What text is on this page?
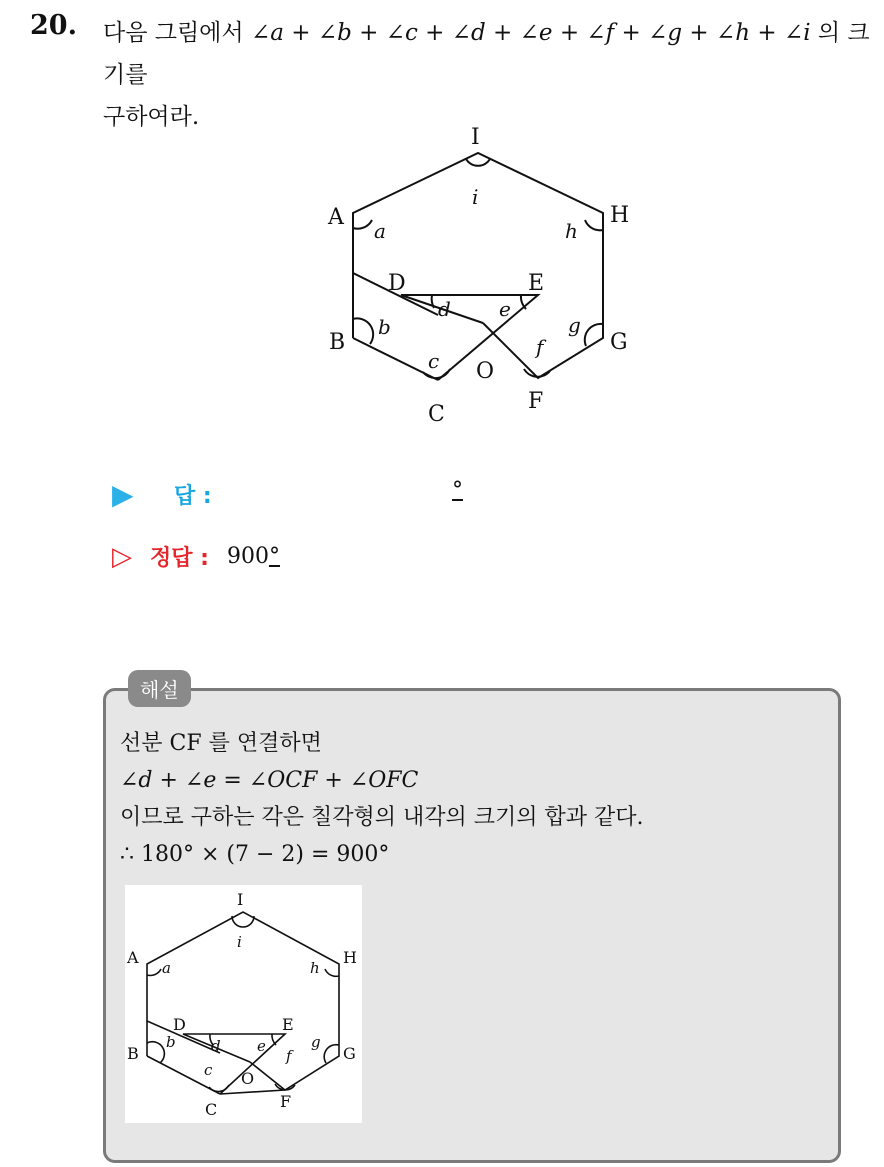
20. 다음 그림에서 ∠a + ∠b + ∠c + ∠d + ∠e + ∠f + ∠g + ∠h + ∠i 의 크기를
구하여라.
I
A	H
B	G
C
F
D	E
O
i
a	h
b	g
c
f
d e
▶	답 :	°
▷ 정답 : 900 °
해설
선분 CF 를 연결하면
∠d + ∠e = ∠OCF + ∠OFC
이므로 구하는 각은 칠각형의 내각의 크기의 합과 같다.
∴ 180° × (7 − 2) = 900°
I
A	H
B	G
C	F
D	E
O
i
a	h
b	g
c
f
d e
